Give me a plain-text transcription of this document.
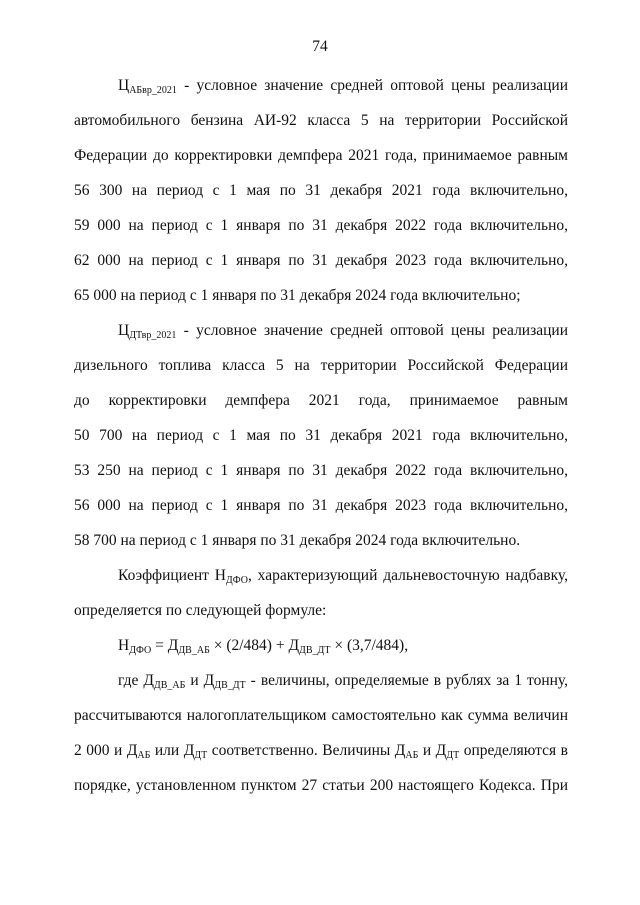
74
$Ц_{АБвр\_2021}$ - условное значение средней оптовой цены реализации
автомобильного бензина АИ-92 класса 5 на территории Российской
Федерации до корректировки демпфера 2021 года, принимаемое равным
56 300 на период с 1 мая по 31 декабря 2021 года включительно,
59 000 на период с 1 января по 31 декабря 2022 года включительно,
62 000 на период с 1 января по 31 декабря 2023 года включительно,
65 000 на период с 1 января по 31 декабря 2024 года включительно;
$Ц_{ДТвр\_2021}$ - условное значение средней оптовой цены реализации
дизельного топлива класса 5 на территории Российской Федерации
до корректировки демпфера 2021 года, принимаемое равным
50 700 на период с 1 мая по 31 декабря 2021 года включительно,
53 250 на период с 1 января по 31 декабря 2022 года включительно,
56 000 на период с 1 января по 31 декабря 2023 года включительно,
58 700 на период с 1 января по 31 декабря 2024 года включительно.
Коэффициент $Н_{ДФО}$, характеризующий дальневосточную надбавку,
определяется по следующей формуле:
$Н_{ДФО} = Д_{ДВ\_АБ} \times (2/484) + Д_{ДВ\_ДТ} \times (3,7/484)$,
где $Д_{ДВ\_АБ}$ и $Д_{ДВ\_ДТ}$ - величины, определяемые в рублях за 1 тонну,
рассчитываются налогоплательщиком самостоятельно как сумма величин
2 000 и $Д_{АБ}$ или $Д_{ДТ}$ соответственно. Величины $Д_{АБ}$ и $Д_{ДТ}$ определяются в
порядке, установленном пунктом 27 статьи 200 настоящего Кодекса. При
